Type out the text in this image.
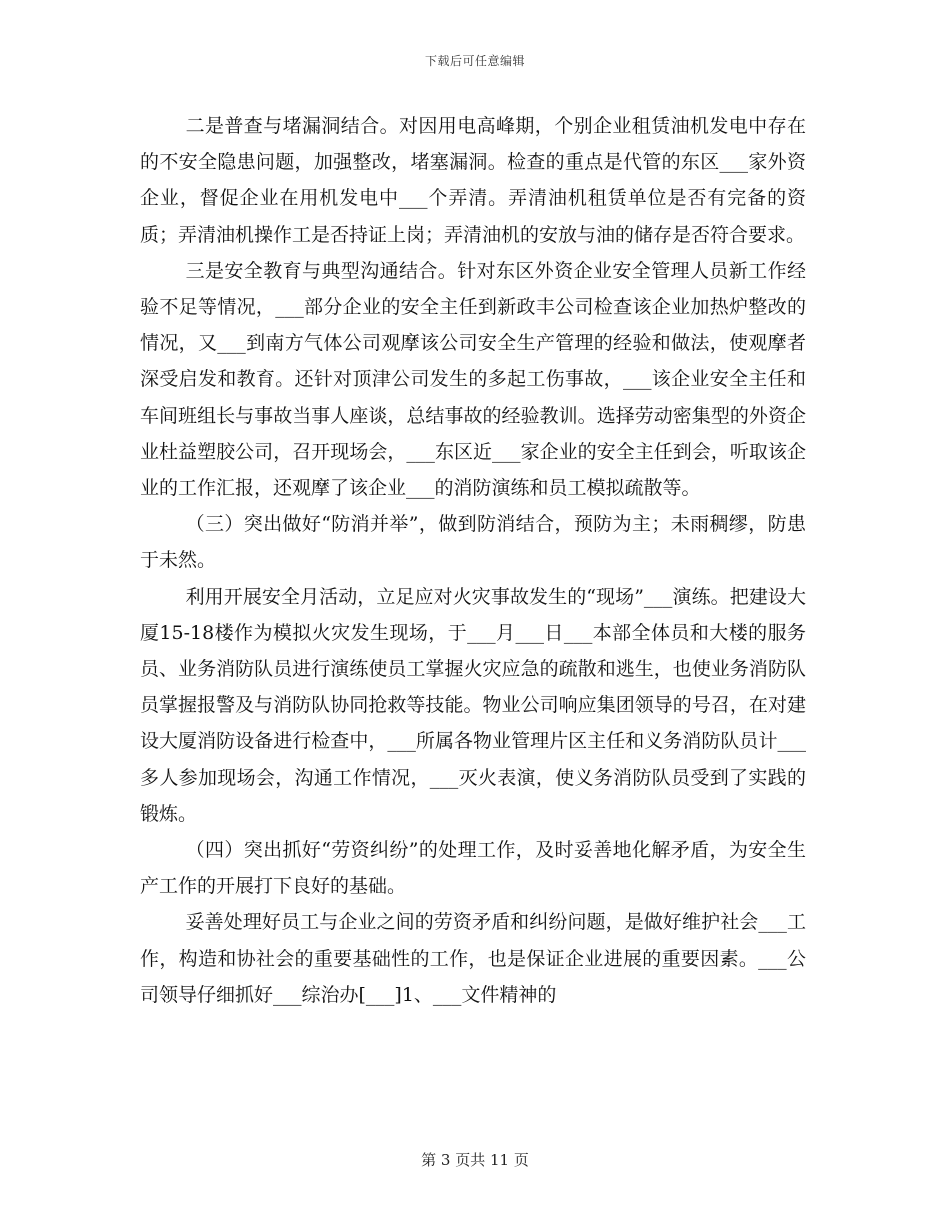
下载后可任意编辑

二是普查与堵漏洞结合。对因用电高峰期，个别企业租赁油机发电中存在的不安全隐患问题，加强整改，堵塞漏洞。检查的重点是代管的东区___家外资企业，督促企业在用机发电中___个弄清。弄清油机租赁单位是否有完备的资质；弄清油机操作工是否持证上岗；弄清油机的安放与油的储存是否符合要求。

三是安全教育与典型沟通结合。针对东区外资企业安全管理人员新工作经验不足等情况，___部分企业的安全主任到新政丰公司检查该企业加热炉整改的情况，又___到南方气体公司观摩该公司安全生产管理的经验和做法，使观摩者深受启发和教育。还针对顶津公司发生的多起工伤事故，___该企业安全主任和车间班组长与事故当事人座谈，总结事故的经验教训。选择劳动密集型的外资企业杜益塑胶公司，召开现场会，___东区近___家企业的安全主任到会，听取该企业的工作汇报，还观摩了该企业___的消防演练和员工模拟疏散等。

（三）突出做好“防消并举”，做到防消结合，预防为主；未雨稠缪，防患于未然。

利用开展安全月活动，立足应对火灾事故发生的“现场”___演练。把建设大厦15-18楼作为模拟火灾发生现场，于___月___日___本部全体员和大楼的服务员、业务消防队员进行演练使员工掌握火灾应急的疏散和逃生，也使业务消防队员掌握报警及与消防队协同抢救等技能。物业公司响应集团领导的号召，在对建设大厦消防设备进行检查中，___所属各物业管理片区主任和义务消防队员计___多人参加现场会，沟通工作情况，___灭火表演，使义务消防队员受到了实践的锻炼。

（四）突出抓好“劳资纠纷”的处理工作，及时妥善地化解矛盾，为安全生产工作的开展打下良好的基础。

妥善处理好员工与企业之间的劳资矛盾和纠纷问题，是做好维护社会___工作，构造和协社会的重要基础性的工作，也是保证企业进展的重要因素。___公司领导仔细抓好___综治办[___]1、___文件精神的

第 3 页共 11 页
